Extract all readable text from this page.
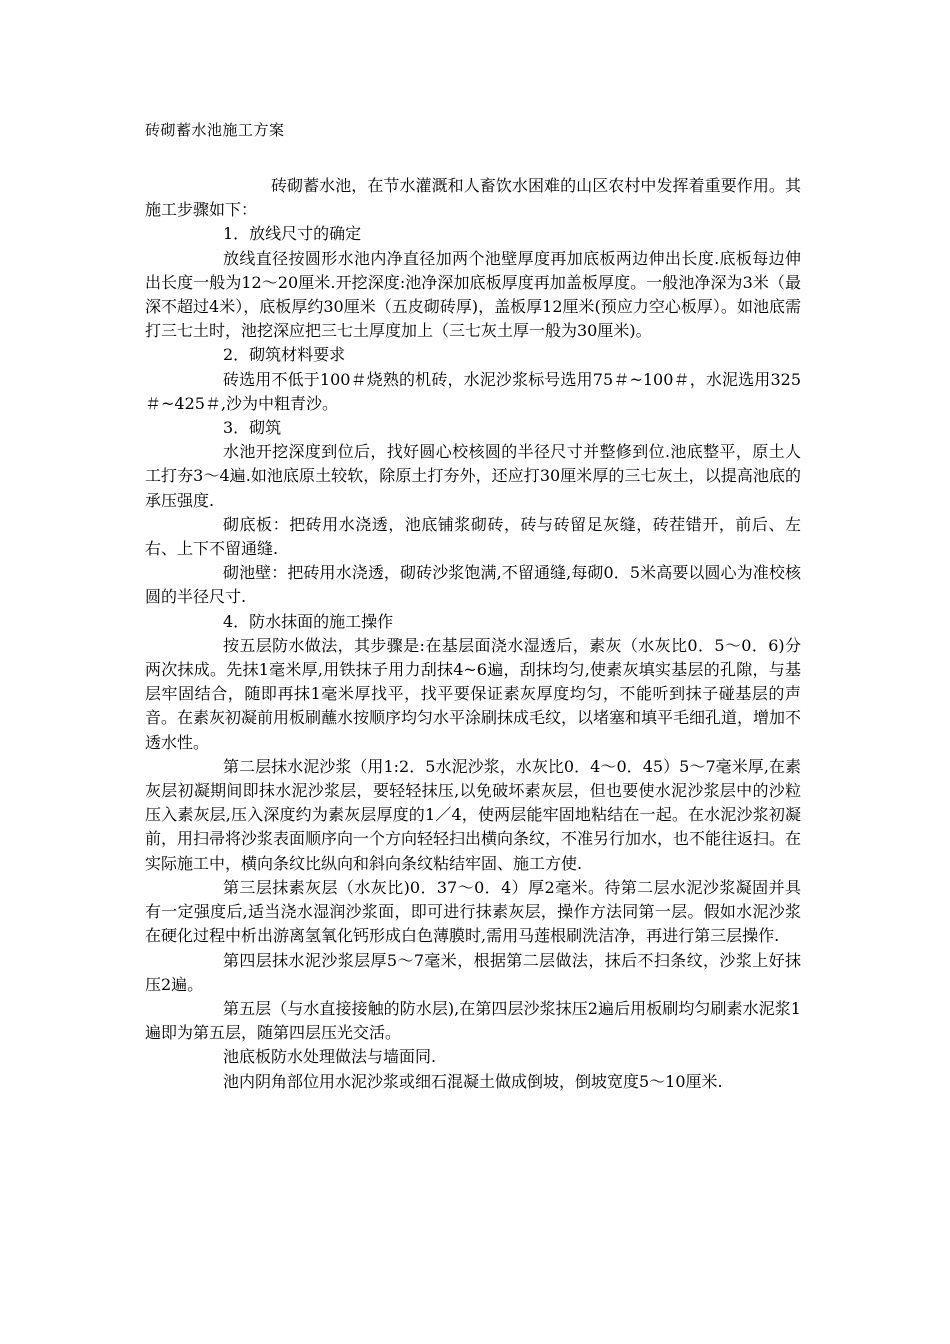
砖砌蓄水池施工方案

砖砌蓄水池，在节水灌溉和人畜饮水困难的山区农村中发挥着重要作用。其施工步骤如下：

1．放线尺寸的确定

放线直径按圆形水池内净直径加两个池壁厚度再加底板两边伸出长度.底板每边伸出长度一般为12～20厘米.开挖深度:池净深加底板厚度再加盖板厚度。一般池净深为3米（最深不超过4米），底板厚约30厘米（五皮砌砖厚)，盖板厚12厘米(预应力空心板厚）。如池底需打三七土时，池挖深应把三七土厚度加上（三七灰土厚一般为30厘米)。

2．砌筑材料要求

砖选用不低于100＃烧熟的机砖，水泥沙浆标号选用75＃~100＃，水泥选用325＃~425＃,沙为中粗青沙。

3．砌筑

水池开挖深度到位后，找好圆心校核圆的半径尺寸并整修到位.池底整平，原土人工打夯3～4遍.如池底原土较软，除原土打夯外，还应打30厘米厚的三七灰土，以提高池底的承压强度.

砌底板：把砖用水浇透，池底铺浆砌砖，砖与砖留足灰缝，砖茬错开，前后、左右、上下不留通缝.

砌池壁：把砖用水浇透，砌砖沙浆饱满,不留通缝,每砌0．5米高要以圆心为准校核圆的半径尺寸.

4．防水抹面的施工操作

按五层防水做法，其步骤是:在基层面浇水湿透后，素灰（水灰比0．5～0．6)分两次抹成。先抹1毫米厚,用铁抹子用力刮抹4~6遍，刮抹均匀,使素灰填实基层的孔隙，与基层牢固结合，随即再抹1毫米厚找平，找平要保证素灰厚度均匀，不能听到抹子碰基层的声音。在素灰初凝前用板刷蘸水按顺序均匀水平涂刷抹成毛纹，以堵塞和填平毛细孔道，增加不透水性。

第二层抹水泥沙浆（用1:2．5水泥沙浆，水灰比0．4～0．45）5～7毫米厚,在素灰层初凝期间即抹水泥沙浆层，要轻轻抹压,以免破坏素灰层，但也要使水泥沙浆层中的沙粒压入素灰层,压入深度约为素灰层厚度的1／4，使两层能牢固地粘结在一起。在水泥沙浆初凝前，用扫帚将沙浆表面顺序向一个方向轻轻扫出横向条纹，不准另行加水，也不能往返扫。在实际施工中，横向条纹比纵向和斜向条纹粘结牢固、施工方使.

第三层抹素灰层（水灰比)0．37～0．4）厚2毫米。待第二层水泥沙浆凝固并具有一定强度后,适当浇水湿润沙浆面，即可进行抹素灰层，操作方法同第一层。假如水泥沙浆在硬化过程中析出游离氢氧化钙形成白色薄膜时,需用马莲根刷洗洁净，再进行第三层操作.

第四层抹水泥沙浆层厚5～7毫米，根据第二层做法，抹后不扫条纹，沙浆上好抹压2遍。

第五层（与水直接接触的防水层),在第四层沙浆抹压2遍后用板刷均匀刷素水泥浆1遍即为第五层，随第四层压光交活。

池底板防水处理做法与墙面同.

池内阴角部位用水泥沙浆或细石混凝土做成倒坡，倒坡宽度5～10厘米.
